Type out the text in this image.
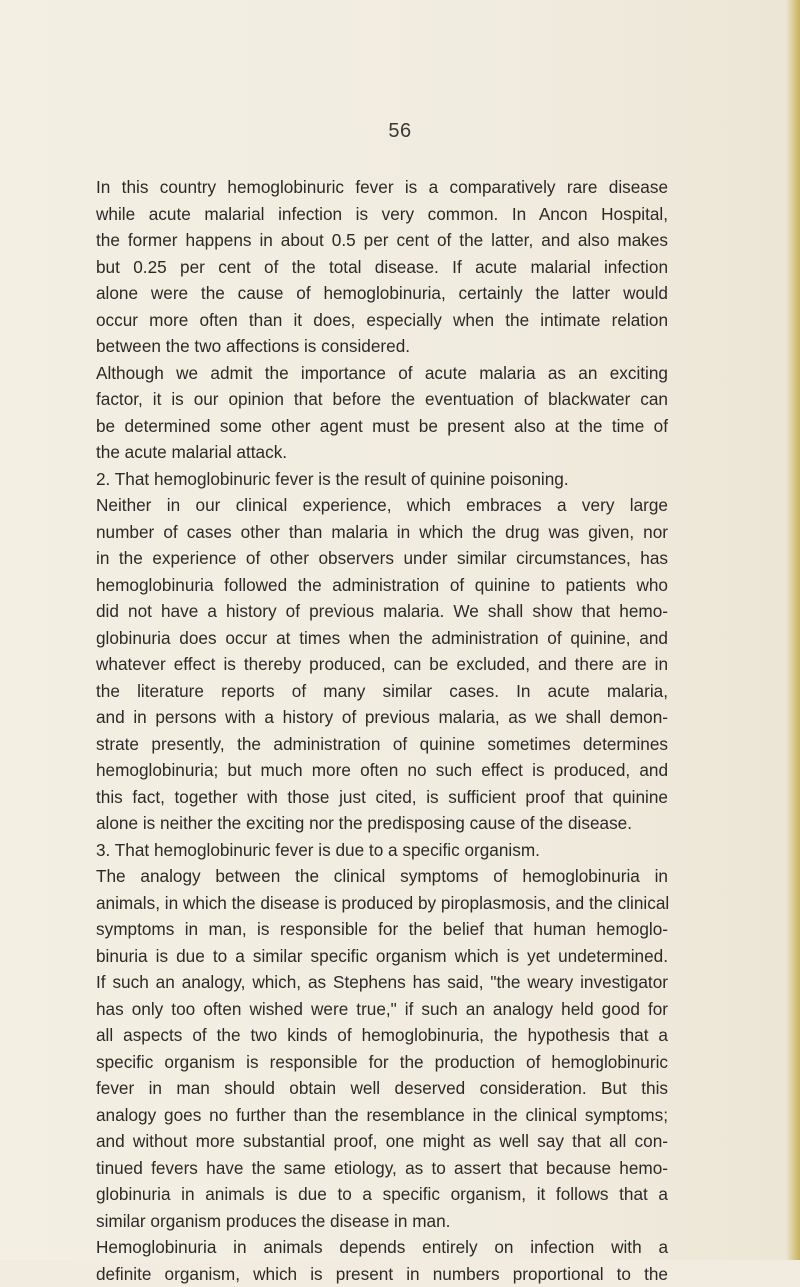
56
In this country hemoglobinuric fever is a comparatively rare disease
while acute malarial infection is very common. In Ancon Hospital,
the former happens in about 0.5 per cent of the latter, and also makes
but 0.25 per cent of the total disease. If acute malarial infection
alone were the cause of hemoglobinuria, certainly the latter would
occur more often than it does, especially when the intimate relation
between the two affections is considered.
Although we admit the importance of acute malaria as an exciting
factor, it is our opinion that before the eventuation of blackwater can
be determined some other agent must be present also at the time of
the acute malarial attack.
2. That hemoglobinuric fever is the result of quinine poisoning.
Neither in our clinical experience, which embraces a very large
number of cases other than malaria in which the drug was given, nor
in the experience of other observers under similar circumstances, has
hemoglobinuria followed the administration of quinine to patients who
did not have a history of previous malaria. We shall show that hemo-
globinuria does occur at times when the administration of quinine, and
whatever effect is thereby produced, can be excluded, and there are in
the literature reports of many similar cases. In acute malaria,
and in persons with a history of previous malaria, as we shall demon-
strate presently, the administration of quinine sometimes determines
hemoglobinuria; but much more often no such effect is produced, and
this fact, together with those just cited, is sufficient proof that quinine
alone is neither the exciting nor the predisposing cause of the disease.
3. That hemoglobinuric fever is due to a specific organism.
The analogy between the clinical symptoms of hemoglobinuria in
animals, in which the disease is produced by piroplasmosis, and the clinical
symptoms in man, is responsible for the belief that human hemoglo-
binuria is due to a similar specific organism which is yet undetermined.
If such an analogy, which, as Stephens has said, "the weary investigator
has only too often wished were true," if such an analogy held good for
all aspects of the two kinds of hemoglobinuria, the hypothesis that a
specific organism is responsible for the production of hemoglobinuric
fever in man should obtain well deserved consideration. But this
analogy goes no further than the resemblance in the clinical symptoms;
and without more substantial proof, one might as well say that all con-
tinued fevers have the same etiology, as to assert that because hemo-
globinuria in animals is due to a specific organism, it follows that a
similar organism produces the disease in man.
Hemoglobinuria in animals depends entirely on infection with a
definite organism, which is present in numbers proportional to the
